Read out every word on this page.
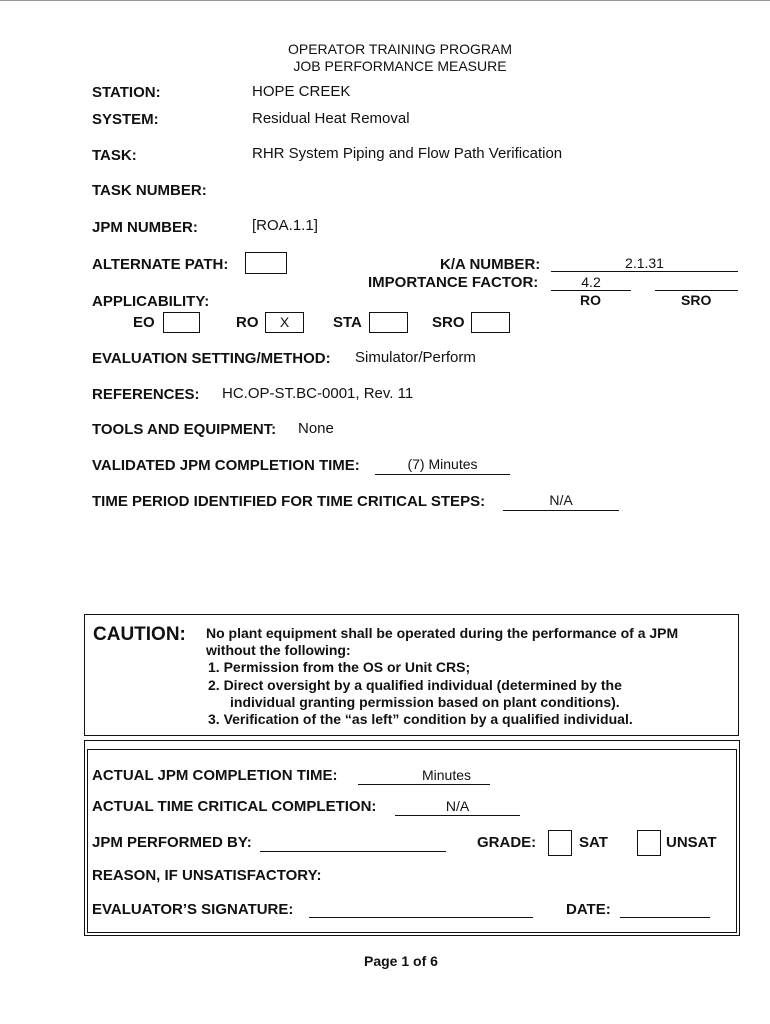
OPERATOR TRAINING PROGRAM
JOB PERFORMANCE MEASURE
STATION:	HOPE CREEK
SYSTEM:	Residual Heat Removal
TASK:	RHR System Piping and Flow Path Verification
TASK NUMBER:
JPM NUMBER:	[ROA.1.1]
ALTERNATE PATH:	K/A NUMBER:	2.1.31
IMPORTANCE FACTOR:	4.2
RO	SRO
APPLICABILITY:
EO	RO	X	STA	SRO
EVALUATION SETTING/METHOD: Simulator/Perform
REFERENCES: HC.OP-ST.BC-0001, Rev. 11
TOOLS AND EQUIPMENT: None
VALIDATED JPM COMPLETION TIME:	(7) Minutes
TIME PERIOD IDENTIFIED FOR TIME CRITICAL STEPS:	N/A
CAUTION: No plant equipment shall be operated during the performance of a JPM
without the following:
1. Permission from the OS or Unit CRS;
2. Direct oversight by a qualified individual (determined by the
individual granting permission based on plant conditions).
3. Verification of the “as left” condition by a qualified individual.
ACTUAL JPM COMPLETION TIME:	Minutes
ACTUAL TIME CRITICAL COMPLETION:	N/A
JPM PERFORMED BY:	GRADE:	SAT	UNSAT
REASON, IF UNSATISFACTORY:
EVALUATOR’S SIGNATURE:	DATE:
Page 1 of 6
